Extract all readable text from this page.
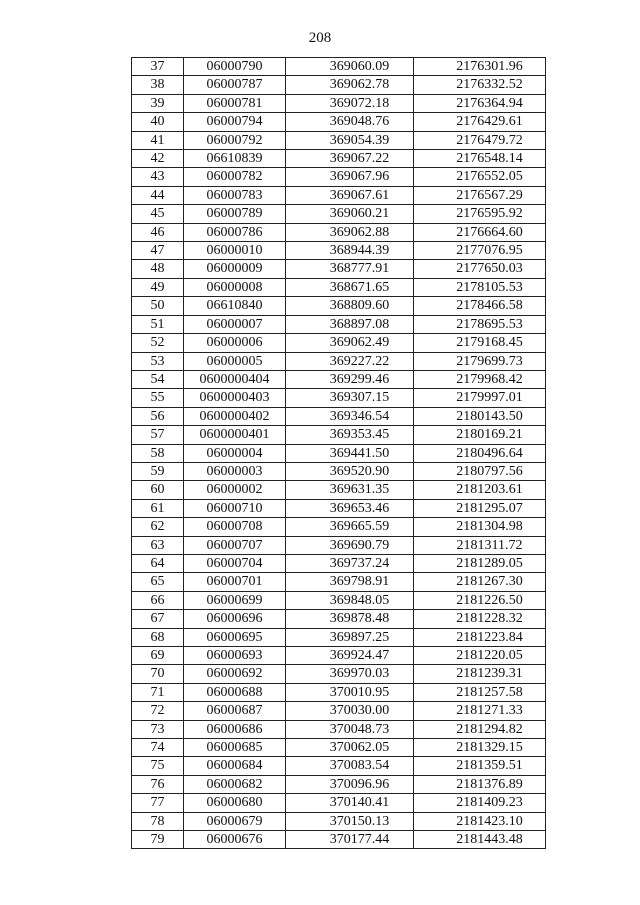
208
37	06000790	369060.09	2176301.96
38	06000787	369062.78	2176332.52
39	06000781	369072.18	2176364.94
40	06000794	369048.76	2176429.61
41	06000792	369054.39	2176479.72
42	06610839	369067.22	2176548.14
43	06000782	369067.96	2176552.05
44	06000783	369067.61	2176567.29
45	06000789	369060.21	2176595.92
46	06000786	369062.88	2176664.60
47	06000010	368944.39	2177076.95
48	06000009	368777.91	2177650.03
49	06000008	368671.65	2178105.53
50	06610840	368809.60	2178466.58
51	06000007	368897.08	2178695.53
52	06000006	369062.49	2179168.45
53	06000005	369227.22	2179699.73
54	0600000404	369299.46	2179968.42
55	0600000403	369307.15	2179997.01
56	0600000402	369346.54	2180143.50
57	0600000401	369353.45	2180169.21
58	06000004	369441.50	2180496.64
59	06000003	369520.90	2180797.56
60	06000002	369631.35	2181203.61
61	06000710	369653.46	2181295.07
62	06000708	369665.59	2181304.98
63	06000707	369690.79	2181311.72
64	06000704	369737.24	2181289.05
65	06000701	369798.91	2181267.30
66	06000699	369848.05	2181226.50
67	06000696	369878.48	2181228.32
68	06000695	369897.25	2181223.84
69	06000693	369924.47	2181220.05
70	06000692	369970.03	2181239.31
71	06000688	370010.95	2181257.58
72	06000687	370030.00	2181271.33
73	06000686	370048.73	2181294.82
74	06000685	370062.05	2181329.15
75	06000684	370083.54	2181359.51
76	06000682	370096.96	2181376.89
77	06000680	370140.41	2181409.23
78	06000679	370150.13	2181423.10
79	06000676	370177.44	2181443.48
